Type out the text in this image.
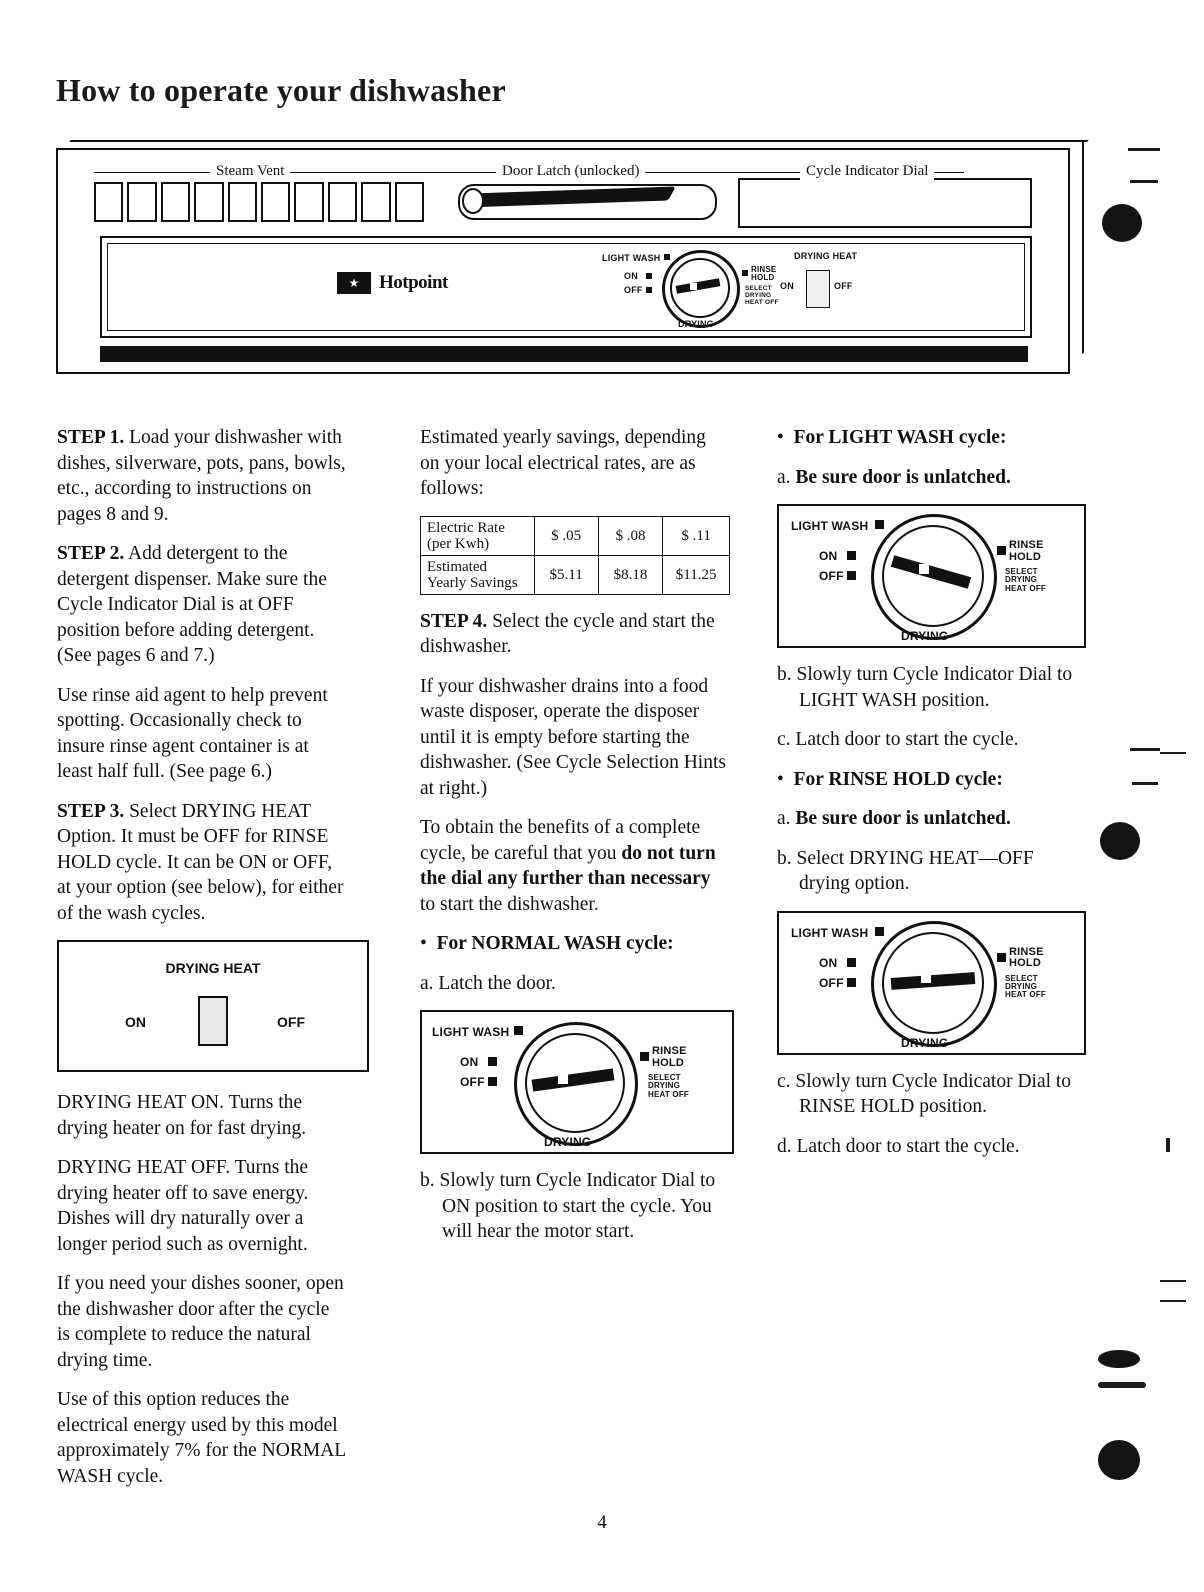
How to operate your dishwasher
Steam Vent	Door Latch (unlocked)	Cycle Indicator Dial
★	Hotpoint
LIGHT WASH
ON
OFF
RINSE
HOLD
SELECT
DRYING
HEAT OFF
DRYING
DRYING HEAT
ON	OFF

STEP 1. Load your dishwasher with dishes, silverware, pots, pans, bowls, etc., according to instructions on pages 8 and 9.

STEP 2. Add detergent to the detergent dispenser. Make sure the Cycle Indicator Dial is at OFF position before adding detergent. (See pages 6 and 7.)

Use rinse aid agent to help prevent spotting. Occasionally check to insure rinse agent container is at least half full. (See page 6.)

STEP 3. Select DRYING HEAT Option. It must be OFF for RINSE HOLD cycle. It can be ON or OFF, at your option (see below), for either of the wash cycles.

DRYING HEAT
ON	OFF

DRYING HEAT ON. Turns the drying heater on for fast drying.

DRYING HEAT OFF. Turns the drying heater off to save energy. Dishes will dry naturally over a longer period such as overnight.

If you need your dishes sooner, open the dishwasher door after the cycle is complete to reduce the natural drying time.

Use of this option reduces the electrical energy used by this model approximately 7% for the NORMAL WASH cycle.

Estimated yearly savings, depending on your local electrical rates, are as follows:

Electric Rate
(per Kwh)	$ .05	$ .08	$ .11
Estimated
Yearly Savings	$5.11	$8.18	$11.25

STEP 4. Select the cycle and start the dishwasher.

If your dishwasher drains into a food waste disposer, operate the disposer until it is empty before starting the dishwasher. (See Cycle Selection Hints at right.)

To obtain the benefits of a complete cycle, be careful that you do not turn the dial any further than necessary to start the dishwasher.

•  For NORMAL WASH cycle:

a. Latch the door.

LIGHT WASH
ON
OFF
RINSE
HOLD
SELECT
DRYING
HEAT OFF
DRYING

b. Slowly turn Cycle Indicator Dial to ON position to start the cycle. You will hear the motor start.

•  For LIGHT WASH cycle:

a. Be sure door is unlatched.

LIGHT WASH
ON
OFF
RINSE
HOLD
SELECT
DRYING
HEAT OFF
DRYING

b. Slowly turn Cycle Indicator Dial to LIGHT WASH position.

c. Latch door to start the cycle.

•  For RINSE HOLD cycle:

a. Be sure door is unlatched.

b. Select DRYING HEAT—OFF drying option.

LIGHT WASH
ON
OFF
RINSE
HOLD
SELECT
DRYING
HEAT OFF
DRYING

c. Slowly turn Cycle Indicator Dial to RINSE HOLD position.

d. Latch door to start the cycle.

4
